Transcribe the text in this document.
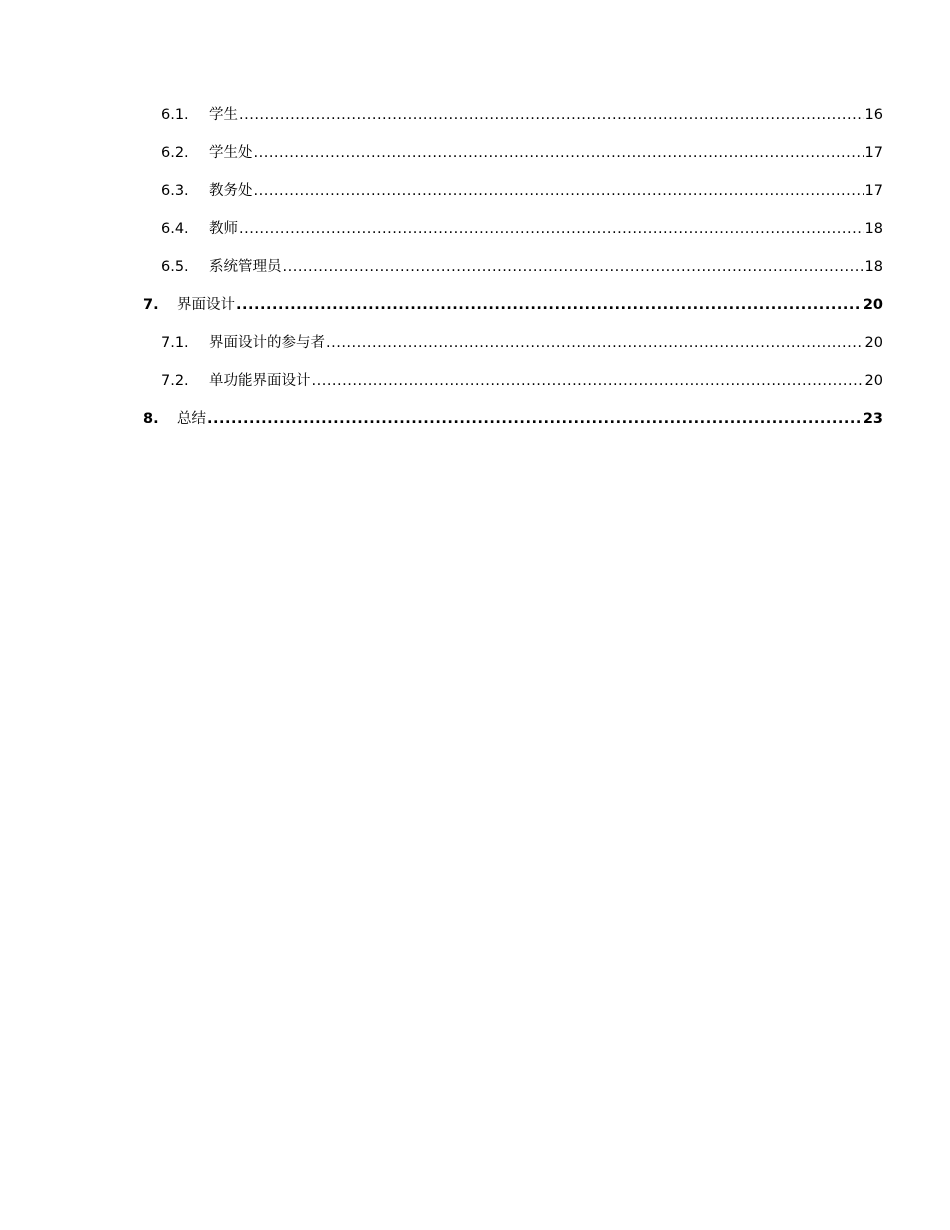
6.1.	学生 .....	16
6.2.	学生处 .....	17
6.3.	教务处 .....	17
6.4.	教师 .....	18
6.5.	系统管理员 .....	18
7.	界面设计 .....	20
7.1.	界面设计的参与者 .....	20
7.2.	单功能界面设计 .....	20
8.	总结 .....	23
